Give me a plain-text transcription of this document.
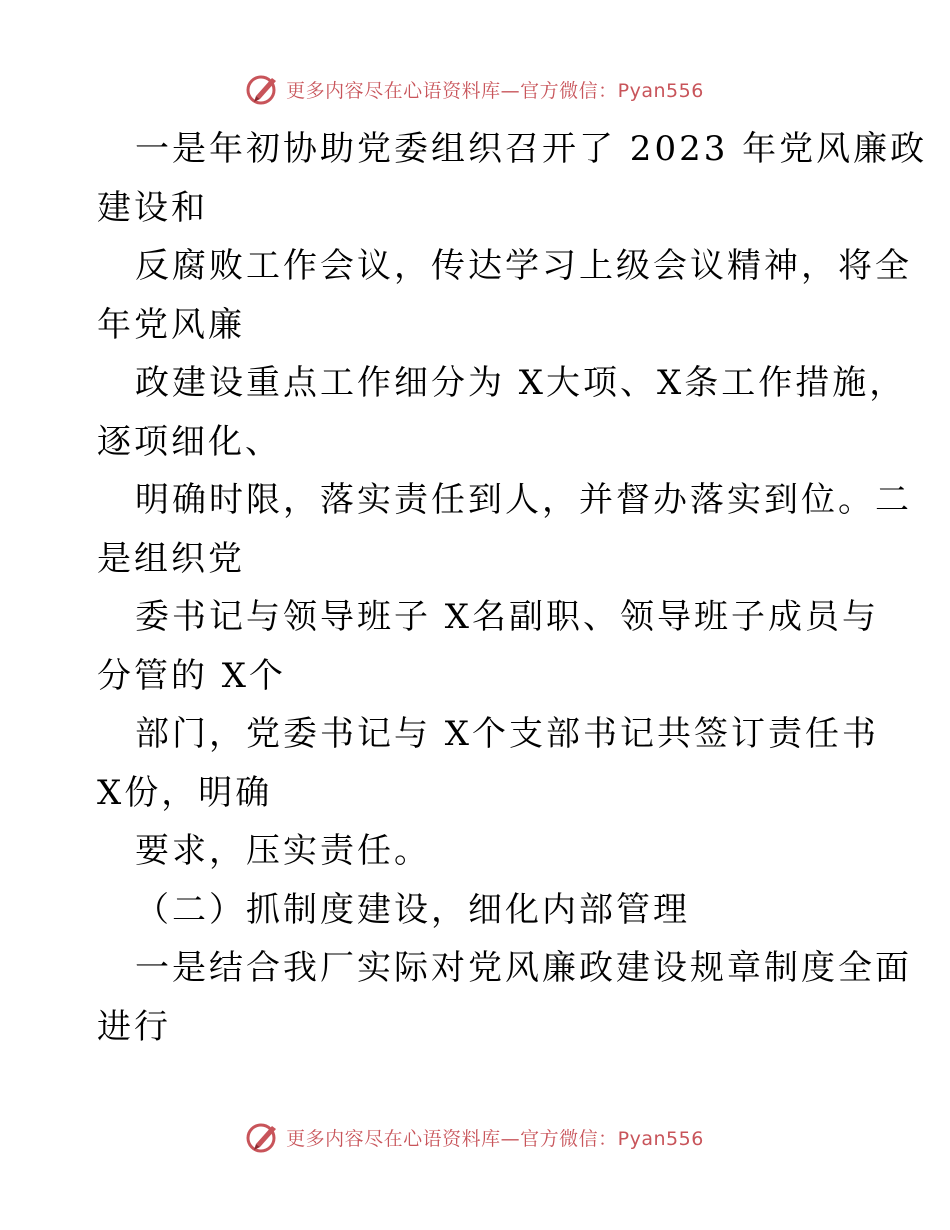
更多内容尽在心语资料库—官方微信：Pyan556
一是年初协助党委组织召开了 2023 年党风廉政
建设和
反腐败工作会议，传达学习上级会议精神，将全
年党风廉
政建设重点工作细分为 X大项、X条工作措施，
逐项细化、
明确时限，落实责任到人，并督办落实到位。二
是组织党
委书记与领导班子 X名副职、领导班子成员与
分管的 X个
部门，党委书记与 X个支部书记共签订责任书
X份，明确
要求，压实责任。
（二）抓制度建设，细化内部管理
一是结合我厂实际对党风廉政建设规章制度全面
进行
更多内容尽在心语资料库—官方微信：Pyan556
